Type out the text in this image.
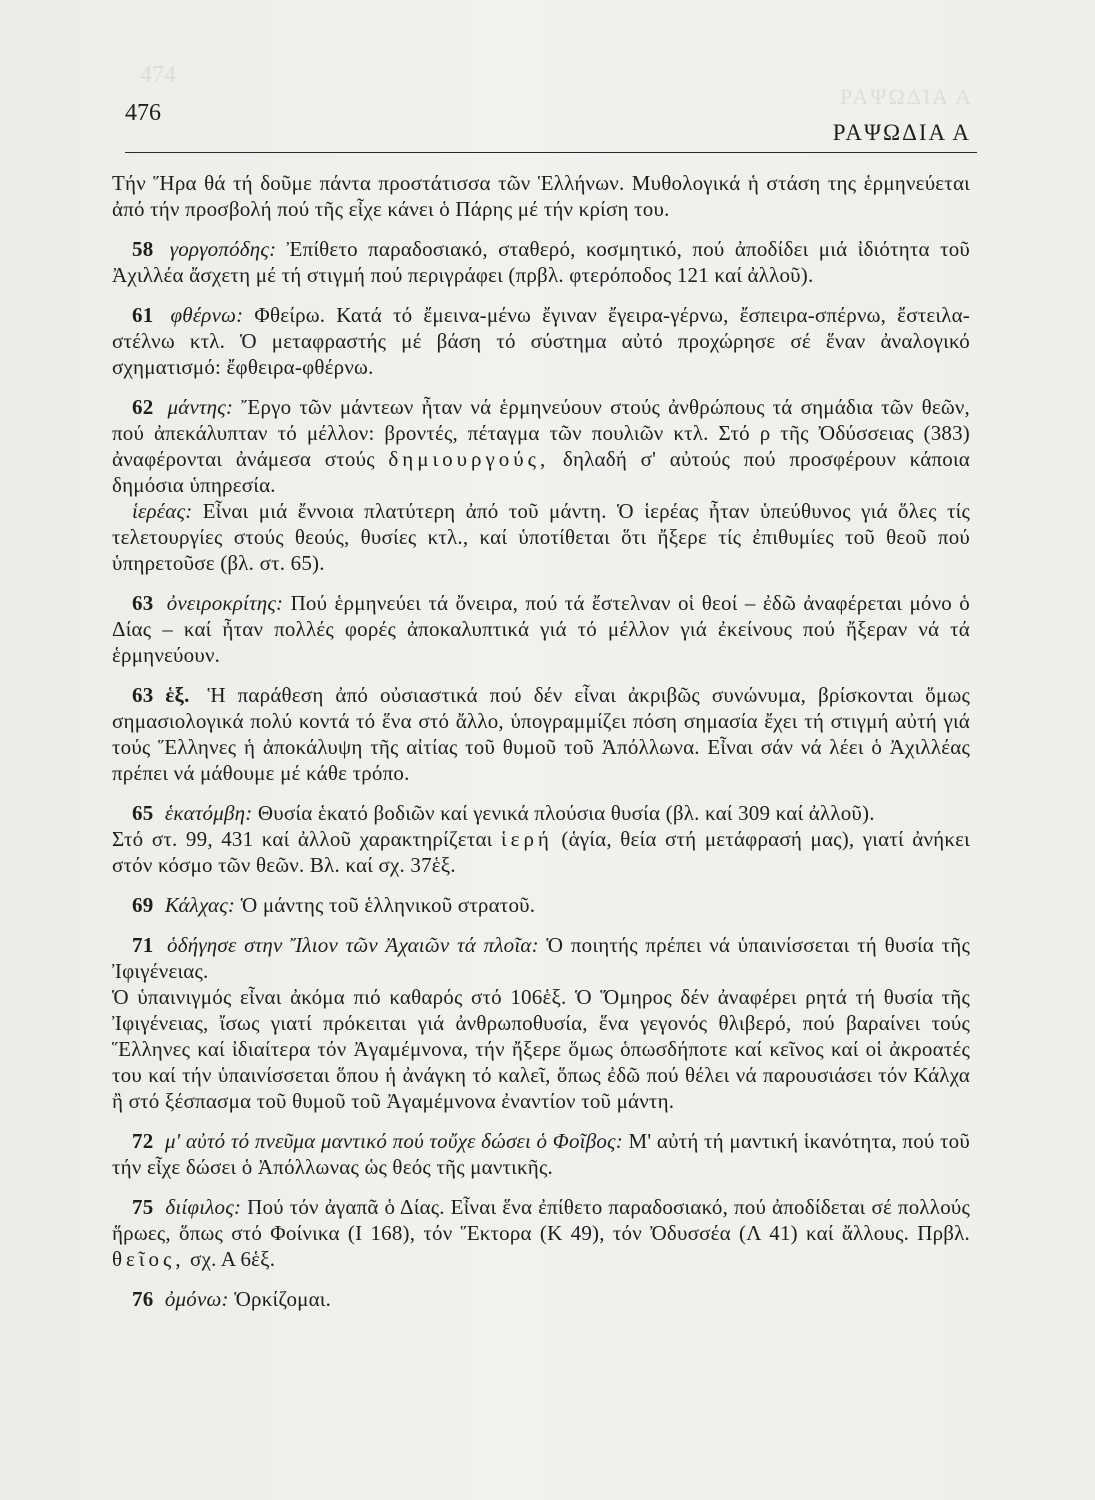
474
ΡΑΨΩΔΙΑ Α
476
ΡΑΨΩΔΙΑ Α

Τήν Ἥρα θά τή δοῦμε πάντα προστάτισσα τῶν Ἑλλήνων. Μυθολογικά ἡ στάση της ἑρμηνεύεται ἀπό τήν προσβολή πού τῆς εἶχε κάνει ὁ Πάρης μέ τήν κρίση του.

58 γοργοπόδης: Ἐπίθετο παραδοσιακό, σταθερό, κοσμητικό, πού ἀποδίδει μιά ἰδιότητα τοῦ Ἀχιλλέα ἄσχετη μέ τή στιγμή πού περιγράφει (πρβλ. φτερόποδος 121 καί ἀλλοῦ).

61 φθέρνω: Φθείρω. Κατά τό ἔμεινα-μένω ἔγιναν ἔγειρα-γέρνω, ἔσπειρα-σπέρνω, ἔστειλα-στέλνω κτλ. Ὁ μεταφραστής μέ βάση τό σύστημα αὐτό προχώρησε σέ ἕναν ἀναλογικό σχηματισμό: ἔφθειρα-φθέρνω.

62 μάντης: Ἔργο τῶν μάντεων ἦταν νά ἑρμηνεύουν στούς ἀνθρώπους τά σημάδια τῶν θεῶν, πού ἀπεκάλυπταν τό μέλλον: βροντές, πέταγμα τῶν πουλιῶν κτλ. Στό ρ τῆς Ὀδύσσειας (383) ἀναφέρονται ἀνάμεσα στούς δημιουργούς, δηλαδή σ' αὐτούς πού προσφέρουν κάποια δημόσια ὑπηρεσία.

ἱερέας: Εἶναι μιά ἔννοια πλατύτερη ἀπό τοῦ μάντη. Ὁ ἱερέας ἦταν ὑπεύθυνος γιά ὅλες τίς τελετουργίες στούς θεούς, θυσίες κτλ., καί ὑποτίθεται ὅτι ἤξερε τίς ἐπιθυμίες τοῦ θεοῦ πού ὑπηρετοῦσε (βλ. στ. 65).

63 ὀνειροκρίτης: Πού ἑρμηνεύει τά ὄνειρα, πού τά ἔστελναν οἱ θεοί – ἐδῶ ἀναφέρεται μόνο ὁ Δίας – καί ἦταν πολλές φορές ἀποκαλυπτικά γιά τό μέλλον γιά ἐκείνους πού ἤξεραν νά τά ἑρμηνεύουν.

63 ἑξ. Ἡ παράθεση ἀπό οὐσιαστικά πού δέν εἶναι ἀκριβῶς συνώνυμα, βρίσκονται ὅμως σημασιολογικά πολύ κοντά τό ἕνα στό ἄλλο, ὑπογραμμίζει πόση σημασία ἔχει τή στιγμή αὐτή γιά τούς Ἕλληνες ἡ ἀποκάλυψη τῆς αἰτίας τοῦ θυμοῦ τοῦ Ἀπόλλωνα. Εἶναι σάν νά λέει ὁ Ἀχιλλέας πρέπει νά μάθουμε μέ κάθε τρόπο.

65 ἑκατόμβη: Θυσία ἑκατό βοδιῶν καί γενικά πλούσια θυσία (βλ. καί 309 καί ἀλλοῦ).

Στό στ. 99, 431 καί ἀλλοῦ χαρακτηρίζεται ἱερή (ἁγία, θεία στή μετάφρασή μας), γιατί ἀνήκει στόν κόσμο τῶν θεῶν. Βλ. καί σχ. 37ἑξ.

69 Κάλχας: Ὁ μάντης τοῦ ἑλληνικοῦ στρατοῦ.

71 ὁδήγησε στην Ἴλιον τῶν Ἀχαιῶν τά πλοῖα: Ὁ ποιητής πρέπει νά ὑπαινίσσεται τή θυσία τῆς Ἰφιγένειας.

Ὁ ὑπαινιγμός εἶναι ἀκόμα πιό καθαρός στό 106ἑξ. Ὁ Ὅμηρος δέν ἀναφέρει ρητά τή θυσία τῆς Ἰφιγένειας, ἴσως γιατί πρόκειται γιά ἀνθρωποθυσία, ἕνα γεγονός θλιβερό, πού βαραίνει τούς Ἕλληνες καί ἰδιαίτερα τόν Ἀγαμέμνονα, τήν ἤξερε ὅμως ὁπωσδήποτε καί κεῖνος καί οἱ ἀκροατές του καί τήν ὑπαινίσσεται ὅπου ἡ ἀνάγκη τό καλεῖ, ὅπως ἐδῶ πού θέλει νά παρουσιάσει τόν Κάλχα ἢ στό ξέσπασμα τοῦ θυμοῦ τοῦ Ἀγαμέμνονα ἐναντίον τοῦ μάντη.

72 μ' αὐτό τό πνεῦμα μαντικό πού τοὔχε δώσει ὁ Φοῖβος: Μ' αὐτή τή μαντική ἱκανότητα, πού τοῦ τήν εἶχε δώσει ὁ Ἀπόλλωνας ὡς θεός τῆς μαντικῆς.

75 διίφιλος: Πού τόν ἀγαπᾶ ὁ Δίας. Εἶναι ἕνα ἐπίθετο παραδοσιακό, πού ἀποδίδεται σέ πολλούς ἥρωες, ὅπως στό Φοίνικα (Ι 168), τόν Ἕκτορα (Κ 49), τόν Ὀδυσσέα (Λ 41) καί ἄλλους. Πρβλ. θεῖος, σχ. Α 6ἑξ.

76 ὀμόνω: Ὁρκίζομαι.
